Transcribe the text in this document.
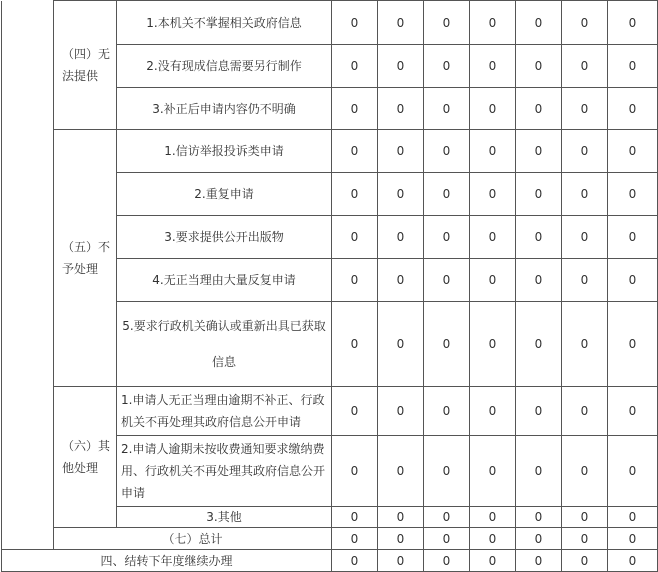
	（四）无法提供	1.本机关不掌握相关政府信息	0	0	0	0	0	0	0
		2.没有现成信息需要另行制作	0	0	0	0	0	0	0
		3.补正后申请内容仍不明确	0	0	0	0	0	0	0
	（五）不予处理	1.信访举报投诉类申请	0	0	0	0	0	0	0
		2.重复申请	0	0	0	0	0	0	0
		3.要求提供公开出版物	0	0	0	0	0	0	0
		4.无正当理由大量反复申请	0	0	0	0	0	0	0
		5.要求行政机关确认或重新出具已获取信息	0	0	0	0	0	0	0
	（六）其他处理	1.申请人无正当理由逾期不补正、行政机关不再处理其政府信息公开申请	0	0	0	0	0	0	0
		2.申请人逾期未按收费通知要求缴纳费用、行政机关不再处理其政府信息公开申请	0	0	0	0	0	0	0
		3.其他	0	0	0	0	0	0	0
	（七）总计		0	0	0	0	0	0	0
四、结转下年度继续办理			0	0	0	0	0	0	0
